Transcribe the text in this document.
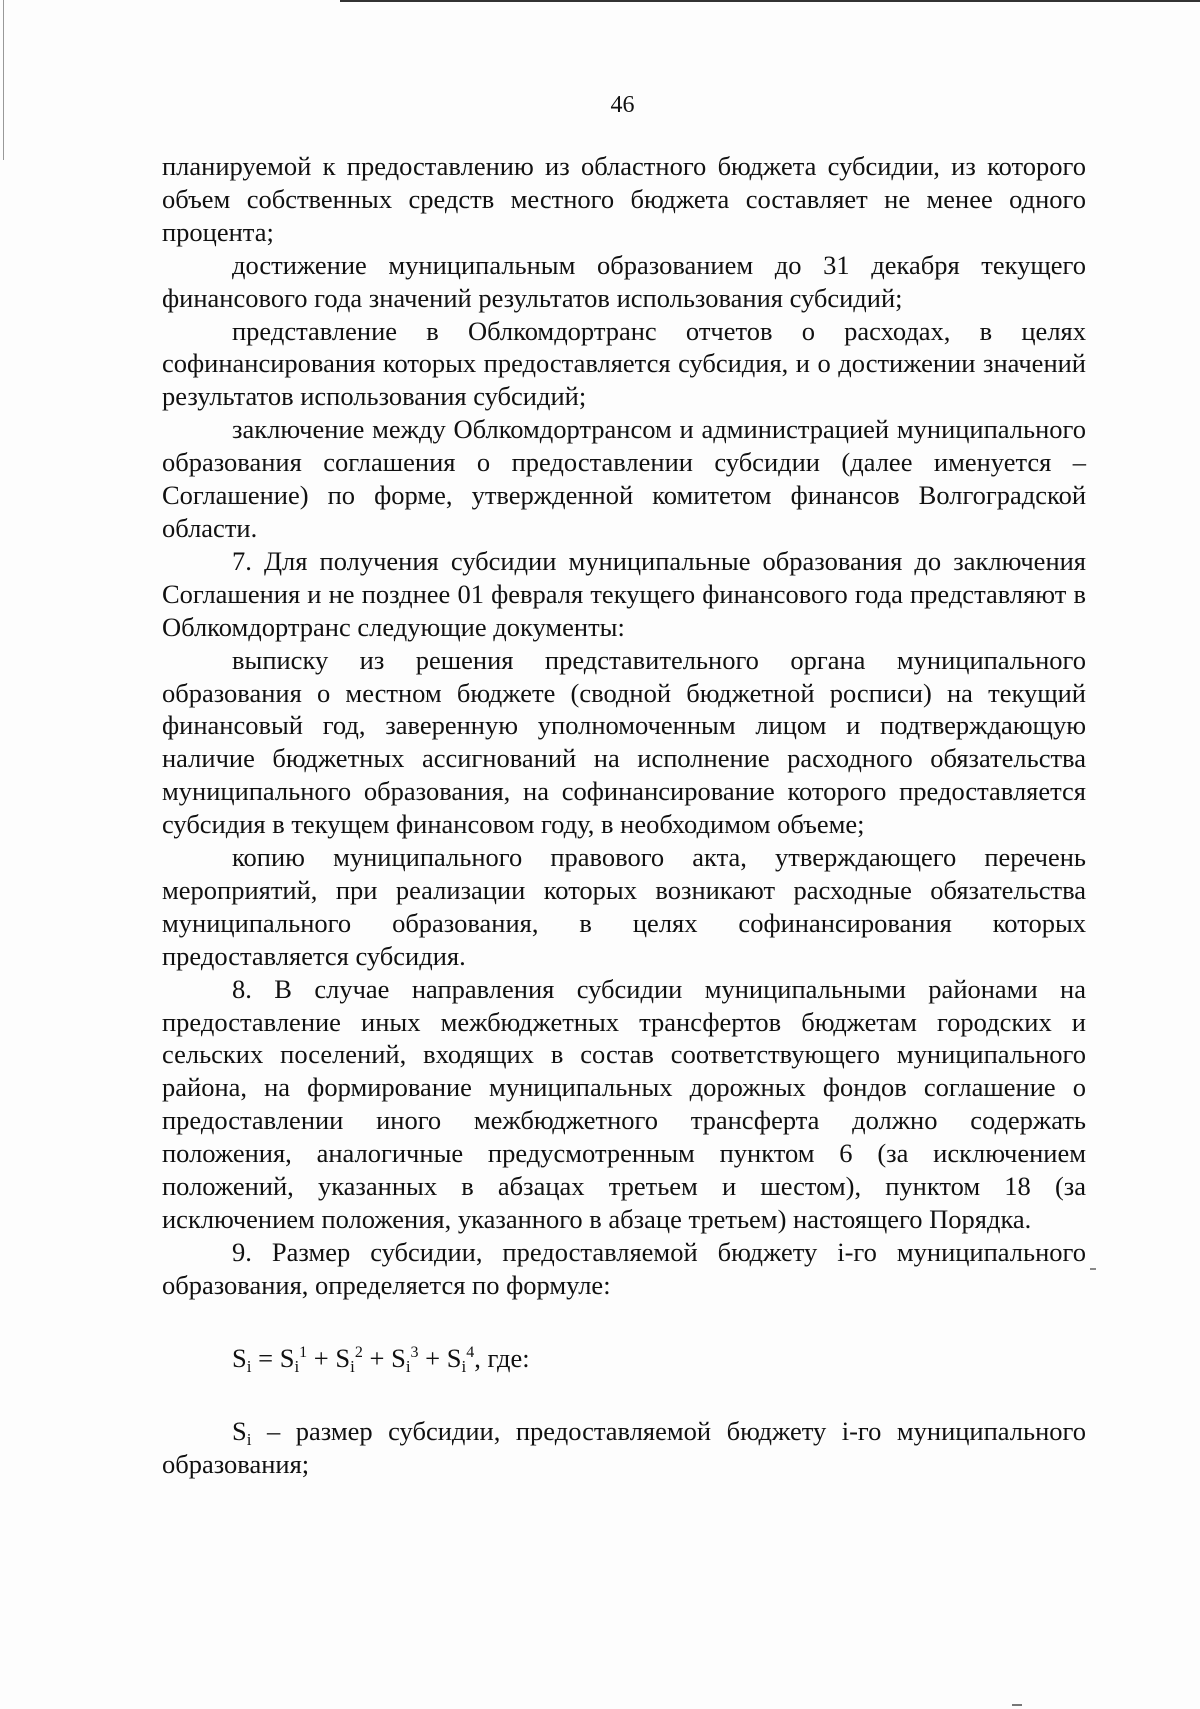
46

планируемой к предоставлению из областного бюджета субсидии, из которого объем собственных средств местного бюджета составляет не менее одного процента;

достижение муниципальным образованием до 31 декабря текущего финансового года значений результатов использования субсидий;

представление в Облкомдортранс отчетов о расходах, в целях софинансирования которых предоставляется субсидия, и о достижении значений результатов использования субсидий;

заключение между Облкомдортрансом и администрацией муниципального образования соглашения о предоставлении субсидии (далее именуется – Соглашение) по форме, утвержденной комитетом финансов Волгоградской области.

7. Для получения субсидии муниципальные образования до заключения Соглашения и не позднее 01 февраля текущего финансового года представляют в Облкомдортранс следующие документы:

выписку из решения представительного органа муниципального образования о местном бюджете (сводной бюджетной росписи) на текущий финансовый год, заверенную уполномоченным лицом и подтверждающую наличие бюджетных ассигнований на исполнение расходного обязательства муниципального образования, на софинансирование которого предоставляется субсидия в текущем финансовом году, в необходимом объеме;

копию муниципального правового акта, утверждающего перечень мероприятий, при реализации которых возникают расходные обязательства муниципального образования, в целях софинансирования которых предоставляется субсидия.

8. В случае направления субсидии муниципальными районами на предоставление иных межбюджетных трансфертов бюджетам городских и сельских поселений, входящих в состав соответствующего муниципального района, на формирование муниципальных дорожных фондов соглашение о предоставлении иного межбюджетного трансферта должно содержать положения, аналогичные предусмотренным пунктом 6 (за исключением положений, указанных в абзацах третьем и шестом), пунктом 18 (за исключением положения, указанного в абзаце третьем) настоящего Порядка.

9. Размер субсидии, предоставляемой бюджету i-го муниципального образования, определяется по формуле:

$S_i = S_i^1 + S_i^2 + S_i^3 + S_i^4$, где:

$S_i$ – размер субсидии, предоставляемой бюджету i-го муниципального образования;
